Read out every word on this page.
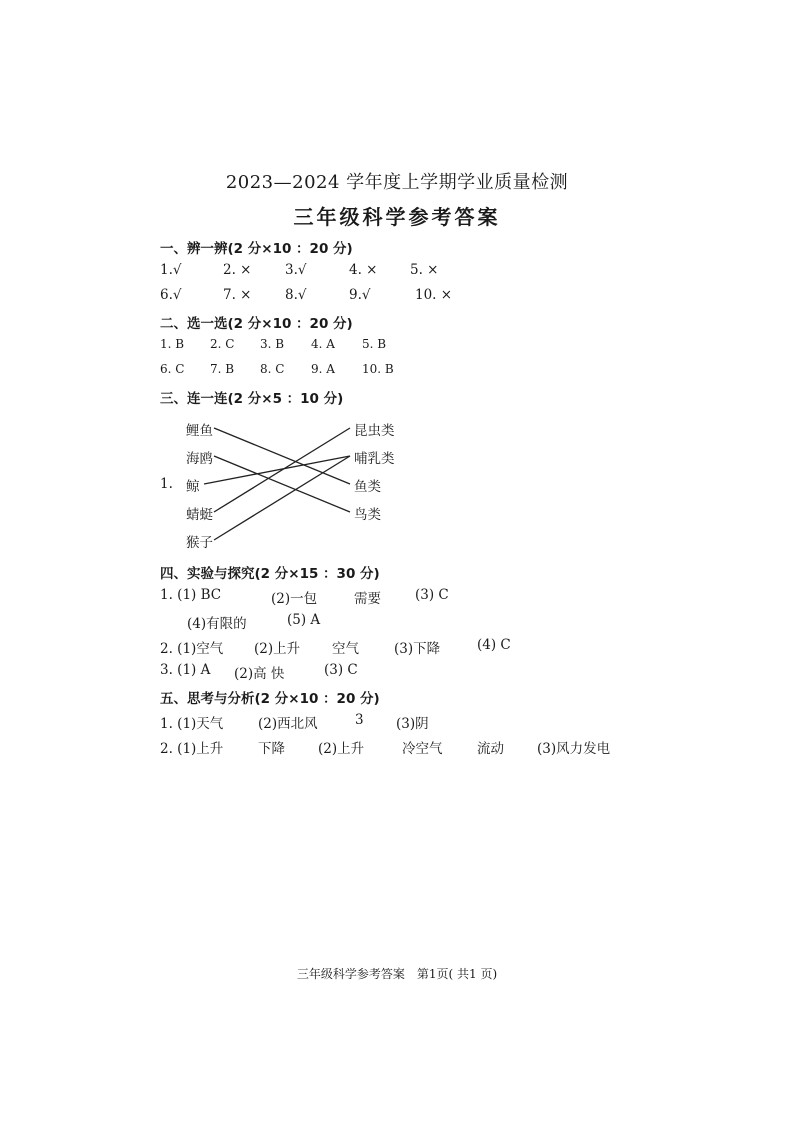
2023—2024 学年度上学期学业质量检测
三年级科学参考答案
一、辨一辨(2 分×10 ：20 分)
1.√	2. × 3.√	4. × 5. ×
6.√	7. × 8.√	9.√	10. ×
二、选一选(2 分×10 ：20 分)
1. B 2. C 3. B 4. A 5. B
6. C 7. B 8. C 9. A 10. B
三、连一连(2 分×5 ：10 分)
1.
鲤鱼
海鸥
鲸
蜻蜓
猴子
昆虫类
哺乳类
鱼类
鸟类
四、实验与探究(2 分×15 ：30 分)
1. (1) BC	(2)一包	需要	(3) C
(4)有限的	(5) A
2. (1)空气 (2)上升 空气	(3)下降	(4) C
3. (1) A (2)高 快	(3) C
五、思考与分析(2 分×10 ：20 分)
1. (1)天气	(2)西北风	3 (3)阴
2. (1)上升	下降 (2)上升	冷空气	流动 (3)风力发电
三年级科学参考答案　第1页( 共1 页)
